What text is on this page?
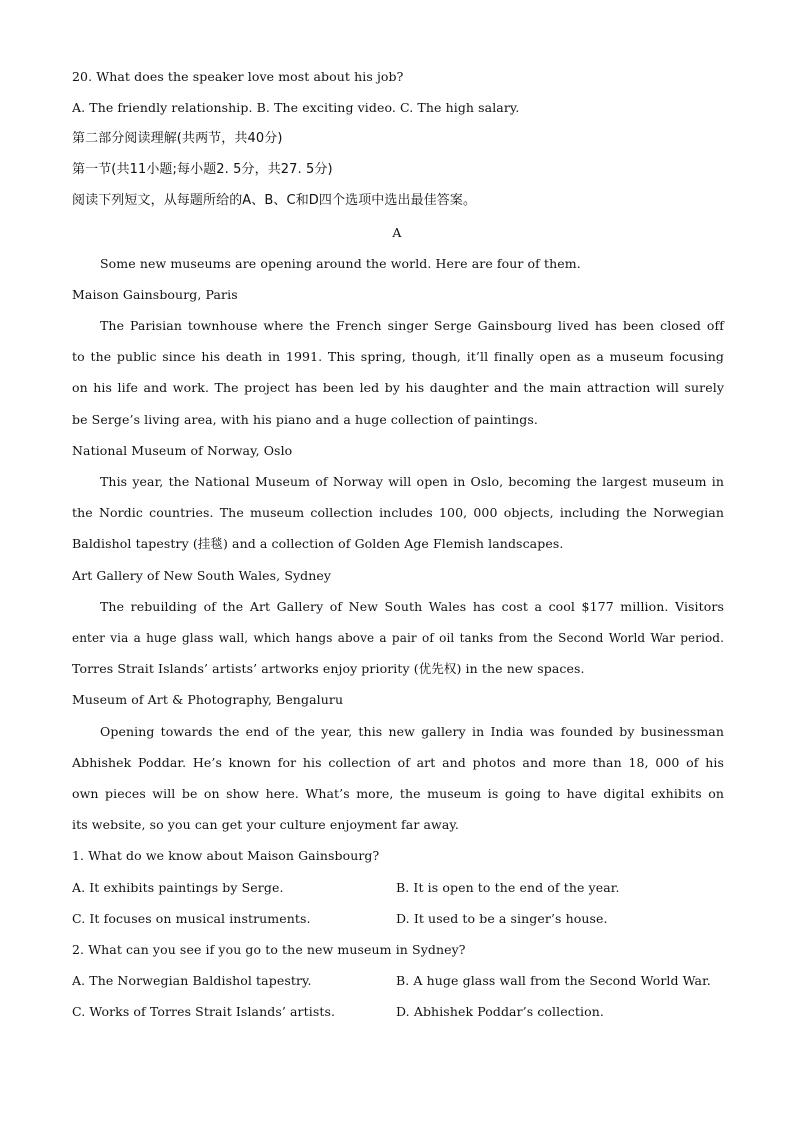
20. What does the speaker love most about his job?
A. The friendly relationship. B. The exciting video. C. The high salary.
第二部分阅读理解(共两节，共40分)
第一节(共11小题;每小题2. 5分，共27. 5分)
阅读下列短文，从每题所给的A、B、C和D四个选项中选出最佳答案。
A
Some new museums are opening around the world. Here are four of them.
Maison Gainsbourg, Paris
The Parisian townhouse where the French singer Serge Gainsbourg lived has been closed off
to the public since his death in 1991. This spring, though, it’ll finally open as a museum focusing
on his life and work. The project has been led by his daughter and the main attraction will surely
be Serge’s living area, with his piano and a huge collection of paintings.
National Museum of Norway, Oslo
This year, the National Museum of Norway will open in Oslo, becoming the largest museum in
the Nordic countries. The museum collection includes 100, 000 objects, including the Norwegian
Baldishol tapestry (挂毯) and a collection of Golden Age Flemish landscapes.
Art Gallery of New South Wales, Sydney
The rebuilding of the Art Gallery of New South Wales has cost a cool $177 million. Visitors
enter via a huge glass wall, which hangs above a pair of oil tanks from the Second World War period.
Torres Strait Islands’ artists’ artworks enjoy priority (优先权) in the new spaces.
Museum of Art & Photography, Bengaluru
Opening towards the end of the year, this new gallery in India was founded by businessman
Abhishek Poddar. He’s known for his collection of art and photos and more than 18, 000 of his
own pieces will be on show here. What’s more, the museum is going to have digital exhibits on
its website, so you can get your culture enjoyment far away.
1. What do we know about Maison Gainsbourg?
A. It exhibits paintings by Serge.	B. It is open to the end of the year.
C. It focuses on musical instruments.	D. It used to be a singer’s house.
2. What can you see if you go to the new museum in Sydney?
A. The Norwegian Baldishol tapestry.	B. A huge glass wall from the Second World War.
C. Works of Torres Strait Islands’ artists.	D. Abhishek Poddar’s collection.
